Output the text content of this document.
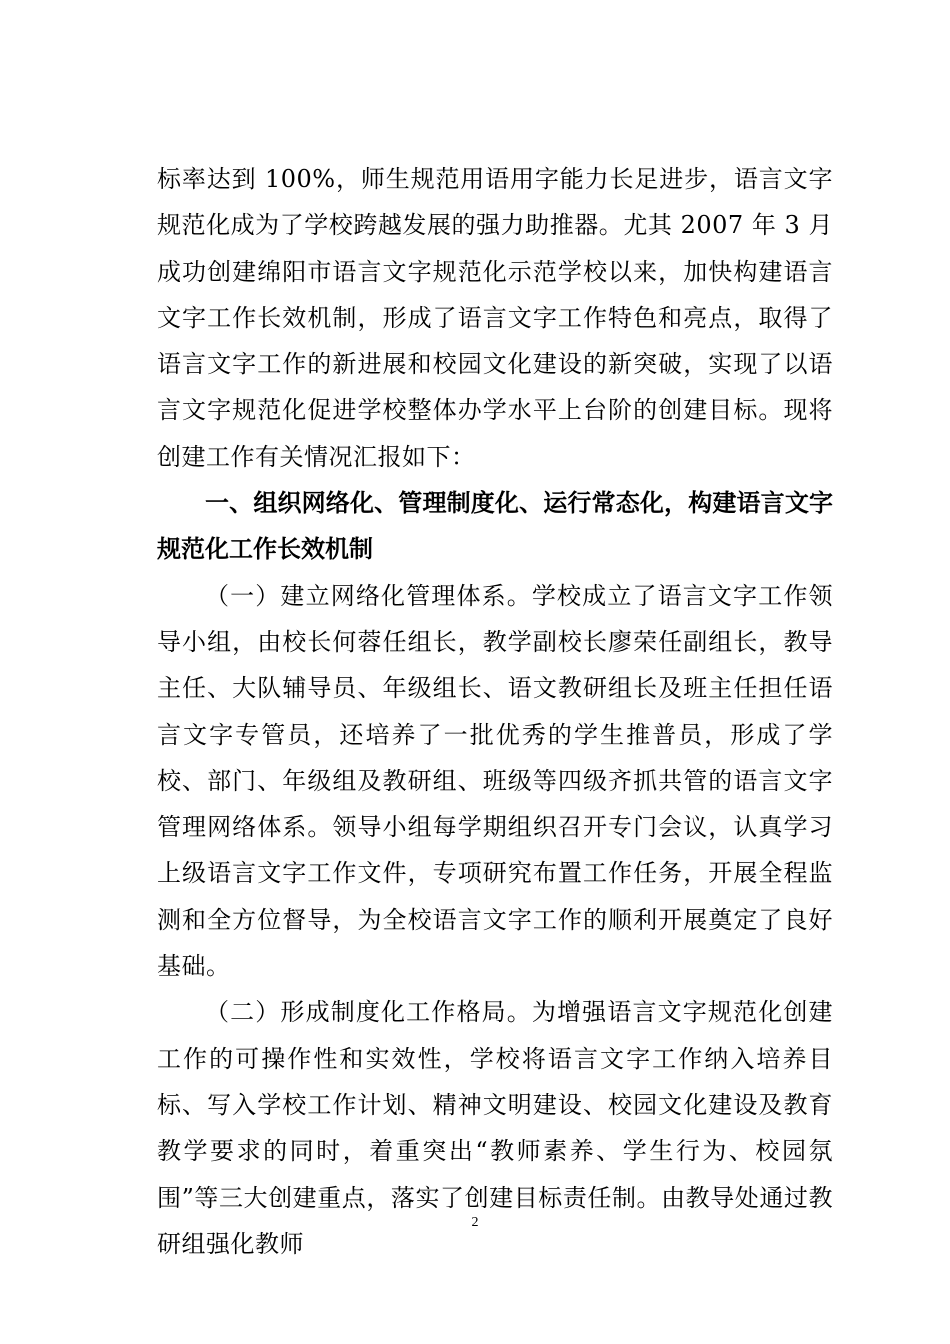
标率达到 100%，师生规范用语用字能力长足进步，语言文字规范化成为了学校跨越发展的强力助推器。尤其 2007 年 3 月成功创建绵阳市语言文字规范化示范学校以来，加快构建语言文字工作长效机制，形成了语言文字工作特色和亮点，取得了语言文字工作的新进展和校园文化建设的新突破，实现了以语言文字规范化促进学校整体办学水平上台阶的创建目标。现将创建工作有关情况汇报如下：

一、组织网络化、管理制度化、运行常态化，构建语言文字规范化工作长效机制

（一）建立网络化管理体系。学校成立了语言文字工作领导小组，由校长何蓉任组长，教学副校长廖荣任副组长，教导主任、大队辅导员、年级组长、语文教研组长及班主任担任语言文字专管员，还培养了一批优秀的学生推普员，形成了学校、部门、年级组及教研组、班级等四级齐抓共管的语言文字管理网络体系。领导小组每学期组织召开专门会议，认真学习上级语言文字工作文件，专项研究布置工作任务，开展全程监测和全方位督导，为全校语言文字工作的顺利开展奠定了良好基础。

（二）形成制度化工作格局。为增强语言文字规范化创建工作的可操作性和实效性，学校将语言文字工作纳入培养目标、写入学校工作计划、精神文明建设、校园文化建设及教育教学要求的同时，着重突出“教师素养、学生行为、校园氛围”等三大创建重点，落实了创建目标责任制。由教导处通过教研组强化教师

2
